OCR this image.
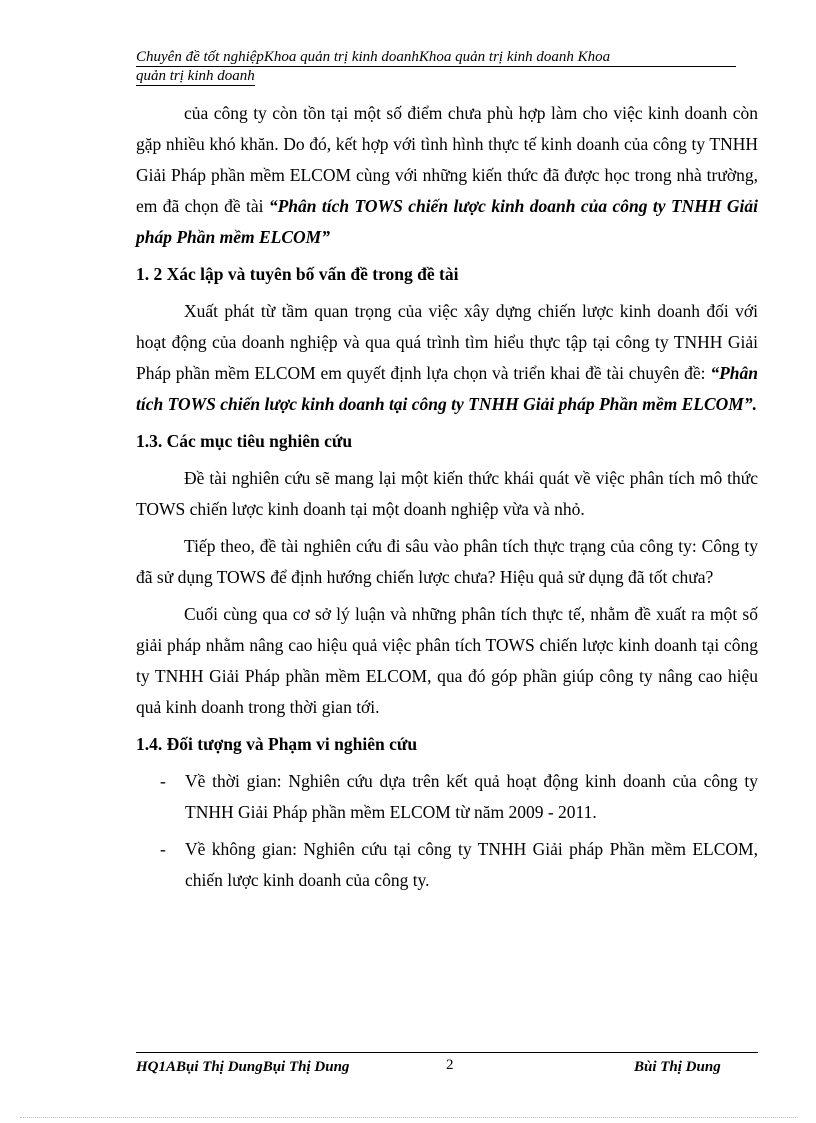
Chuyên đề tốt nghiệpKhoa quản trị kinh doanhKhoa quản trị kinh doanh Khoa
quản trị kinh doanh

của công ty còn tồn tại một số điểm chưa phù hợp làm cho việc kinh doanh còn gặp nhiều khó khăn. Do đó, kết hợp với tình hình thực tế kinh doanh của công ty TNHH Giải Pháp phần mềm ELCOM cùng với những kiến thức đã được học trong nhà trường, em đã chọn đề tài “Phân tích TOWS chiến lược kinh doanh của công ty TNHH Giải pháp Phần mềm ELCOM”

1. 2 Xác lập và tuyên bố vấn đề trong đề tài

Xuất phát từ tầm quan trọng của việc xây dựng chiến lược kinh doanh đối với hoạt động của doanh nghiệp và qua quá trình tìm hiểu thực tập tại công ty TNHH Giải Pháp phần mềm ELCOM em quyết định lựa chọn và triển khai đề tài chuyên đề: “Phân tích TOWS chiến lược kinh doanh tại công ty TNHH Giải pháp Phần mềm ELCOM”.

1.3. Các mục tiêu nghiên cứu

Đề tài nghiên cứu sẽ mang lại một kiến thức khái quát về việc phân tích mô thức TOWS chiến lược kinh doanh tại một doanh nghiệp vừa và nhỏ.

Tiếp theo, đề tài nghiên cứu đi sâu vào phân tích thực trạng của công ty: Công ty đã sử dụng TOWS để định hướng chiến lược chưa? Hiệu quả sử dụng đã tốt chưa?

Cuối cùng qua cơ sở lý luận và những phân tích thực tế, nhằm đề xuất ra một số giải pháp nhằm nâng cao hiệu quả việc phân tích TOWS chiến lược kinh doanh tại công ty TNHH Giải Pháp phần mềm ELCOM, qua đó góp phần giúp công ty nâng cao hiệu quả kinh doanh trong thời gian tới.

1.4. Đối tượng và Phạm vi nghiên cứu

- Về thời gian: Nghiên cứu dựa trên kết quả hoạt động kinh doanh của công ty TNHH Giải Pháp phần mềm ELCOM từ năm 2009 - 2011.
- Về không gian: Nghiên cứu tại công ty TNHH Giải pháp Phần mềm ELCOM, chiến lược kinh doanh của công ty.
HQ1ABụi Thị DungBụi Thị Dung	2	Bùi Thị Dung
